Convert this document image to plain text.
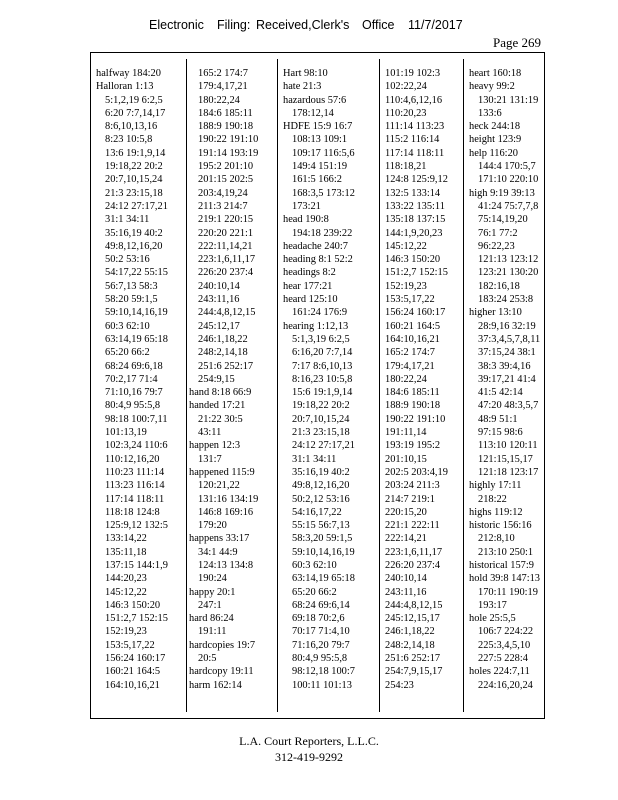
Electronic Filing: Received,Clerk's Office 11/7/2017
Page 269
halfway 184:20
Halloran 1:13
5:1,2,19 6:2,5
6:20 7:7,14,17
8:6,10,13,16
8:23 10:5,8
13:6 19:1,9,14
19:18,22 20:2
20:7,10,15,24
21:3 23:15,18
24:12 27:17,21
31:1 34:11
35:16,19 40:2
49:8,12,16,20
50:2 53:16
54:17,22 55:15
56:7,13 58:3
58:20 59:1,5
59:10,14,16,19
60:3 62:10
63:14,19 65:18
65:20 66:2
68:24 69:6,18
70:2,17 71:4
71:10,16 79:7
80:4,9 95:5,8
98:18 100:7,11
101:13,19
102:3,24 110:6
110:12,16,20
110:23 111:14
113:23 116:14
117:14 118:11
118:18 124:8
125:9,12 132:5
133:14,22
135:11,18
137:15 144:1,9
144:20,23
145:12,22
146:3 150:20
151:2,7 152:15
152:19,23
153:5,17,22
156:24 160:17
160:21 164:5
164:10,16,21
165:2 174:7
179:4,17,21
180:22,24
184:6 185:11
188:9 190:18
190:22 191:10
191:14 193:19
195:2 201:10
201:15 202:5
203:4,19,24
211:3 214:7
219:1 220:15
220:20 221:1
222:11,14,21
223:1,6,11,17
226:20 237:4
240:10,14
243:11,16
244:4,8,12,15
245:12,17
246:1,18,22
248:2,14,18
251:6 252:17
254:9,15
hand 8:18 66:9
handed 17:21
21:22 30:5
43:11
happen 12:3
131:7
happened 115:9
120:21,22
131:16 134:19
146:8 169:16
179:20
happens 33:17
34:1 44:9
124:13 134:8
190:24
happy 20:1
247:1
hard 86:24
191:11
hardcopies 19:7
20:5
hardcopy 19:11
harm 162:14
Hart 98:10
hate 21:3
hazardous 57:6
178:12,14
HDFE 15:9 16:7
108:13 109:1
109:17 116:5,6
149:4 151:19
161:5 166:2
168:3,5 173:12
173:21
head 190:8
194:18 239:22
headache 240:7
heading 8:1 52:2
headings 8:2
hear 177:21
heard 125:10
161:24 176:9
hearing 1:12,13
5:1,3,19 6:2,5
6:16,20 7:7,14
7:17 8:6,10,13
8:16,23 10:5,8
15:6 19:1,9,14
19:18,22 20:2
20:7,10,15,24
21:3 23:15,18
24:12 27:17,21
31:1 34:11
35:16,19 40:2
49:8,12,16,20
50:2,12 53:16
54:16,17,22
55:15 56:7,13
58:3,20 59:1,5
59:10,14,16,19
60:3 62:10
63:14,19 65:18
65:20 66:2
68:24 69:6,14
69:18 70:2,6
70:17 71:4,10
71:16,20 79:7
80:4,9 95:5,8
98:12,18 100:7
100:11 101:13
101:19 102:3
102:22,24
110:4,6,12,16
110:20,23
111:14 113:23
115:2 116:14
117:14 118:11
118:18,21
124:8 125:9,12
132:5 133:14
133:22 135:11
135:18 137:15
144:1,9,20,23
145:12,22
146:3 150:20
151:2,7 152:15
152:19,23
153:5,17,22
156:24 160:17
160:21 164:5
164:10,16,21
165:2 174:7
179:4,17,21
180:22,24
184:6 185:11
188:9 190:18
190:22 191:10
191:11,14
193:19 195:2
201:10,15
202:5 203:4,19
203:24 211:3
214:7 219:1
220:15,20
221:1 222:11
222:14,21
223:1,6,11,17
226:20 237:4
240:10,14
243:11,16
244:4,8,12,15
245:12,15,17
246:1,18,22
248:2,14,18
251:6 252:17
254:7,9,15,17
254:23
heart 160:18
heavy 99:2
130:21 131:19
133:6
heck 244:18
height 123:9
help 116:20
144:4 170:5,7
171:10 220:10
high 9:19 39:13
41:24 75:7,7,8
75:14,19,20
76:1 77:2
96:22,23
121:13 123:12
123:21 130:20
182:16,18
183:24 253:8
higher 13:10
28:9,16 32:19
37:3,4,5,7,8,11
37:15,24 38:1
38:3 39:4,16
39:17,21 41:4
41:5 42:14
47:20 48:3,5,7
48:9 51:1
97:15 98:6
113:10 120:11
121:15,15,17
121:18 123:17
highly 17:11
218:22
highs 119:12
historic 156:16
212:8,10
213:10 250:1
historical 157:9
hold 39:8 147:13
170:11 190:19
193:17
hole 25:5,5
106:7 224:22
225:3,4,5,10
227:5 228:4
holes 224:7,11
224:16,20,24
L.A. Court Reporters, L.L.C.
312-419-9292
